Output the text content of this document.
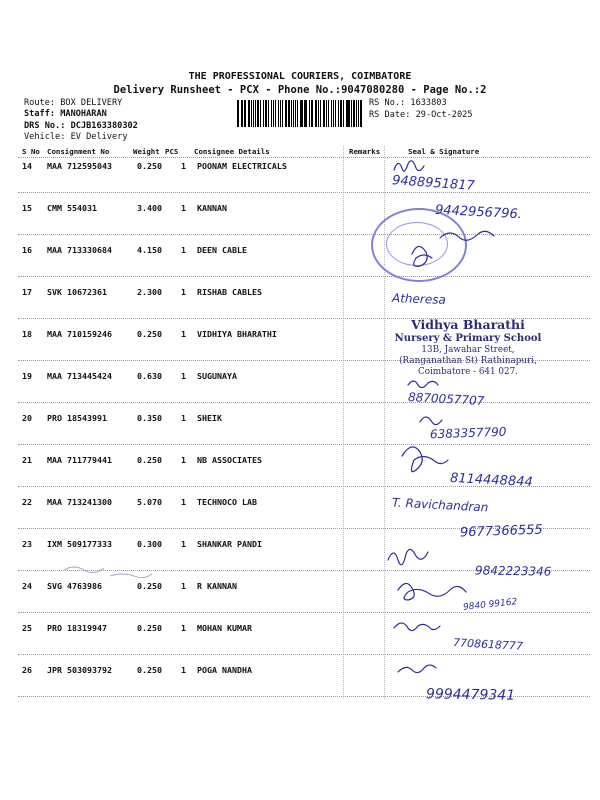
THE PROFESSIONAL COURIERS, COIMBATORE
Delivery Runsheet - PCX - Phone No.:9047080280 - Page No.:2
Route: BOX DELIVERY
Staff: MANOHARAN
DRS No.: DCJB163380302
Vehicle: EV Delivery
RS No.: 1633803
RS Date: 29-Oct-2025
S No Consignment No	Weight PCS Consignee Details	Remarks	Seal & Signature
14 MAA 712595043	0.250 1 POONAM ELECTRICALS
15 CMM 554031	3.400 1 KANNAN
16 MAA 713330684	4.150 1 DEEN CABLE
17 SVK 10672361	2.300 1 RISHAB CABLES
18 MAA 710159246	0.250 1 VIDHIYA BHARATHI
19 MAA 713445424	0.630 1 SUGUNAYA
20 PRO 18543991	0.350 1 SHEIK
21 MAA 711779441	0.250 1 NB ASSOCIATES
22 MAA 713241300	5.070 1 TECHNOCO LAB
23 IXM 509177333	0.300 1 SHANKAR PANDI
24 SVG 4763986	0.250 1 R KANNAN
25 PRO 18319947	0.250 1 MOHAN KUMAR
26 JPR 503093792	0.250 1 POGA NANDHA
Vidhya Bharathi
Nursery & Primary School
13B, Jawahar Street,
(Ranganathan St) Rathinapuri,
Coimbatore - 641 027.
9488951817
9442956796.
Atheresa
8870057707
6383357790
8114448844
T. Ravichandran
9677366555
9842223346
9840 99162
7708618777
9994479341
